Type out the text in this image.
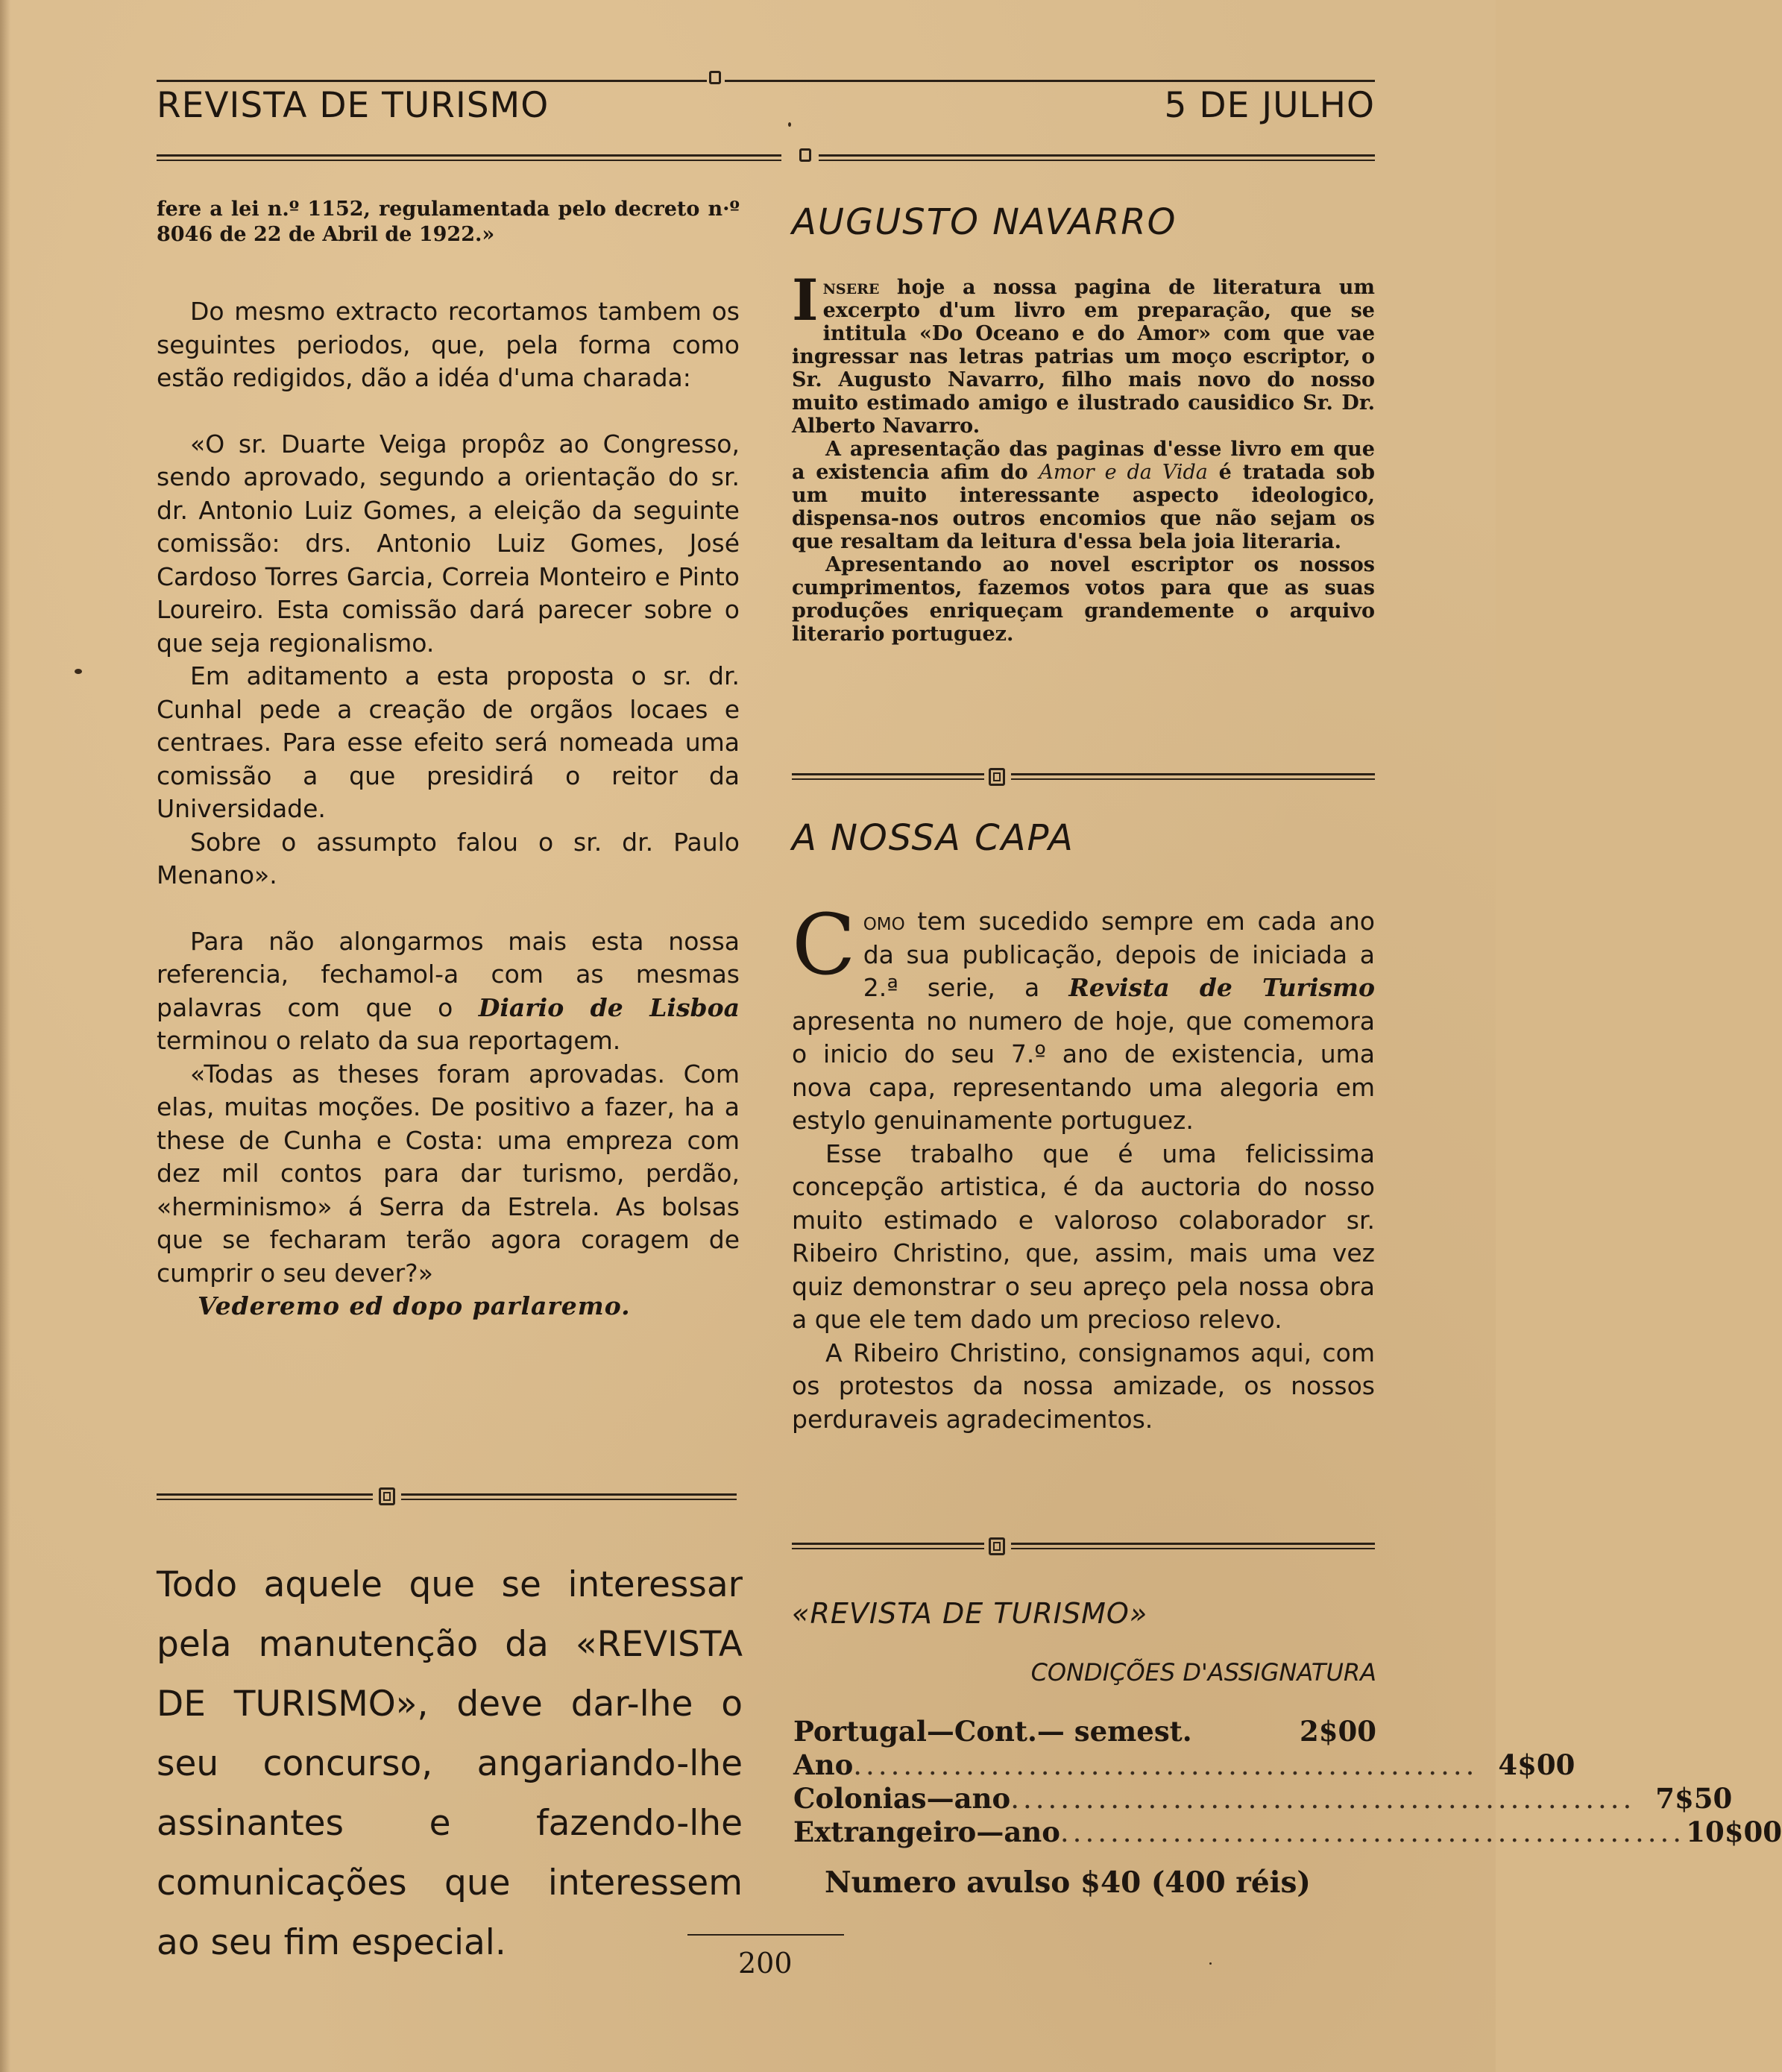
REVISTA DE TURISMO	5 DE JULHO

fere a lei n.º 1152, regulamentada pelo decreto n·º 8046 de 22 de Abril de 1922.»

Do mesmo extracto recortamos tambem os seguintes periodos, que, pela forma como estão redigidos, dão a idéa d'uma charada:

«O sr. Duarte Veiga propôz ao Congresso, sendo aprovado, segundo a orientação do sr. dr. Antonio Luiz Gomes, a eleição da seguinte comissão: drs. Antonio Luiz Gomes, José Cardoso Torres Garcia, Correia Monteiro e Pinto Loureiro. Esta comissão dará parecer sobre o que seja regionalismo.

Em aditamento a esta proposta o sr. dr. Cunhal pede a creação de orgãos locaes e centraes. Para esse efeito será nomeada uma comissão a que presidirá o reitor da Universidade.

Sobre o assumpto falou o sr. dr. Paulo Menano».

Para não alongarmos mais esta nossa referencia, fechamol-a com as mesmas palavras com que o Diario de Lisboa terminou o relato da sua reportagem.

«Todas as theses foram aprovadas. Com elas, muitas moções. De positivo a fazer, ha a these de Cunha e Costa: uma empreza com dez mil contos para dar turismo, perdão, «herminismo» á Serra da Estrela. As bolsas que se fecharam terão agora coragem de cumprir o seu dever?»

Vederemo ed dopo parlaremo.

Todo aquele que se interessar pela manutenção da «REVISTA DE TURISMO», deve dar-lhe o seu concurso, angariando-lhe assinantes e fazendo-lhe comunicações que interessem ao seu fim especial.
AUGUSTO NAVARRO

Insere hoje a nossa pagina de literatura um excerpto d'um livro em preparação, que se intitula «Do Oceano e do Amor» com que vae ingressar nas letras patrias um moço escriptor, o Sr. Augusto Navarro, filho mais novo do nosso muito estimado amigo e ilustrado causidico Sr. Dr. Alberto Navarro.

A apresentação das paginas d'esse livro em que a existencia afim do Amor e da Vida é tratada sob um muito interessante aspecto ideologico, dispensa-nos outros encomios que não sejam os que resaltam da leitura d'essa bela joia literaria.

Apresentando ao novel escriptor os nossos cumprimentos, fazemos votos para que as suas produções enriqueçam grandemente o arquivo literario portuguez.

A NOSSA CAPA

Como tem sucedido sempre em cada ano da sua publicação, depois de iniciada a 2.ª serie, a Revista de Turismo apresenta no numero de hoje, que comemora o inicio do seu 7.º ano de existencia, uma nova capa, representando uma alegoria em estylo genuinamente portuguez.

Esse trabalho que é uma felicissima concepção artistica, é da auctoria do nosso muito estimado e valoroso colaborador sr. Ribeiro Christino, que, assim, mais uma vez quiz demonstrar o seu apreço pela nossa obra a que ele tem dado um precioso relevo.

A Ribeiro Christino, consignamos aqui, com os protestos da nossa amizade, os nossos perduraveis agradecimentos.

«REVISTA DE TURISMO»
CONDIÇÕES D'ASSIGNATURA
Portugal—Cont.— semest.	2$00
Ano .................................................. 4$00
Colonias—ano .................................................. 7$50
Extrangeiro—ano .................................................. 10$00
Numero avulso $40 (400 réis)
200
